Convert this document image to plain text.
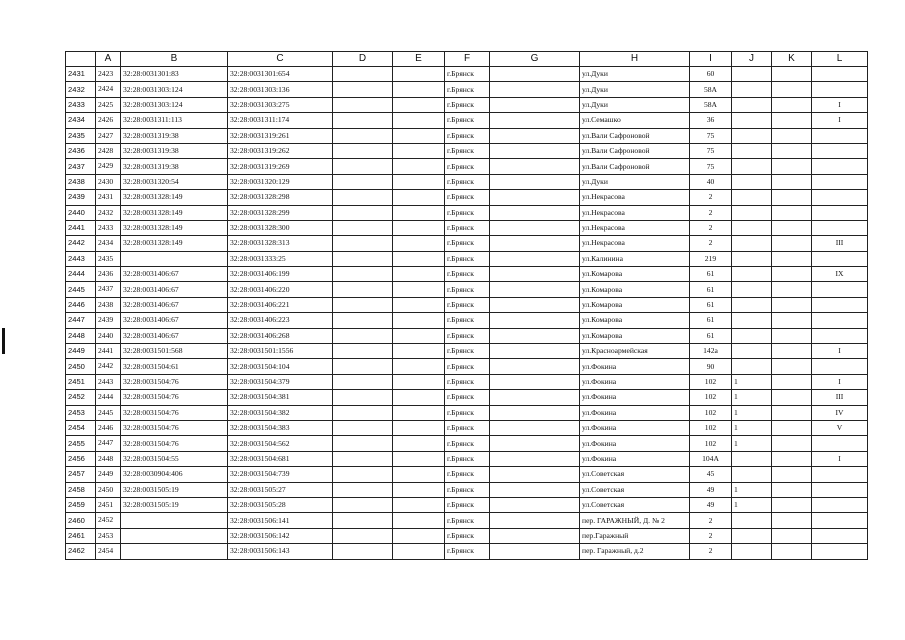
	A	B	C	D	E	F	G	H	I	J	K	L
2431	2423	32:28:0031301:83	32:28:0031301:654			г.Брянск		ул.Дуки	60			
2432	2424	32:28:0031303:124	32:28:0031303:136			г.Брянск		ул.Дуки	58А			
2433	2425	32:28:0031303:124	32:28:0031303:275			г.Брянск		ул.Дуки	58А			I
2434	2426	32:28:0031311:113	32:28:0031311:174			г.Брянск		ул.Семашко	36			I
2435	2427	32:28:0031319:38	32:28:0031319:261			г.Брянск		ул.Вали Сафроновой	75			
2436	2428	32:28:0031319:38	32:28:0031319:262			г.Брянск		ул.Вали Сафроновой	75			
2437	2429	32:28:0031319:38	32:28:0031319:269			г.Брянск		ул.Вали Сафроновой	75			
2438	2430	32:28:0031320:54	32:28:0031320:129			г.Брянск		ул.Дуки	40			
2439	2431	32:28:0031328:149	32:28:0031328:298			г.Брянск		ул.Некрасова	2			
2440	2432	32:28:0031328:149	32:28:0031328:299			г.Брянск		ул.Некрасова	2			
2441	2433	32:28:0031328:149	32:28:0031328:300			г.Брянск		ул.Некрасова	2			
2442	2434	32:28:0031328:149	32:28:0031328:313			г.Брянск		ул.Некрасова	2			III
2443	2435		32:28:0031333:25			г.Брянск		ул.Калинина	219			
2444	2436	32:28:0031406:67	32:28:0031406:199			г.Брянск		ул.Комарова	61			IX
2445	2437	32:28:0031406:67	32:28:0031406:220			г.Брянск		ул.Комарова	61			
2446	2438	32:28:0031406:67	32:28:0031406:221			г.Брянск		ул.Комарова	61			
2447	2439	32:28:0031406:67	32:28:0031406:223			г.Брянск		ул.Комарова	61			
2448	2440	32:28:0031406:67	32:28:0031406:268			г.Брянск		ул.Комарова	61			
2449	2441	32:28:0031501:568	32:28:0031501:1556			г.Брянск		ул.Красноармейская	142а			I
2450	2442	32:28:0031504:61	32:28:0031504:104			г.Брянск		ул.Фокина	90			
2451	2443	32:28:0031504:76	32:28:0031504:379			г.Брянск		ул.Фокина	102	1		I
2452	2444	32:28:0031504:76	32:28:0031504:381			г.Брянск		ул.Фокина	102	1		III
2453	2445	32:28:0031504:76	32:28:0031504:382			г.Брянск		ул.Фокина	102	1		IV
2454	2446	32:28:0031504:76	32:28:0031504:383			г.Брянск		ул.Фокина	102	1		V
2455	2447	32:28:0031504:76	32:28:0031504:562			г.Брянск		ул.Фокина	102	1		
2456	2448	32:28:0031504:55	32:28:0031504:681			г.Брянск		ул.Фокина	104А			I
2457	2449	32:28:0030904:406	32:28:0031504:739			г.Брянск		ул.Советская	45			
2458	2450	32:28:0031505:19	32:28:0031505:27			г.Брянск		ул.Советская	49	1		
2459	2451	32:28:0031505:19	32:28:0031505:28			г.Брянск		ул.Советская	49	1		
2460	2452		32:28:0031506:141			г.Брянск		пер. ГАРАЖНЫЙ, Д. № 2	2			
2461	2453		32:28:0031506:142			г.Брянск		пер.Гаражный	2			
2462	2454		32:28:0031506:143			г.Брянск		пер. Гаражный, д.2	2			
